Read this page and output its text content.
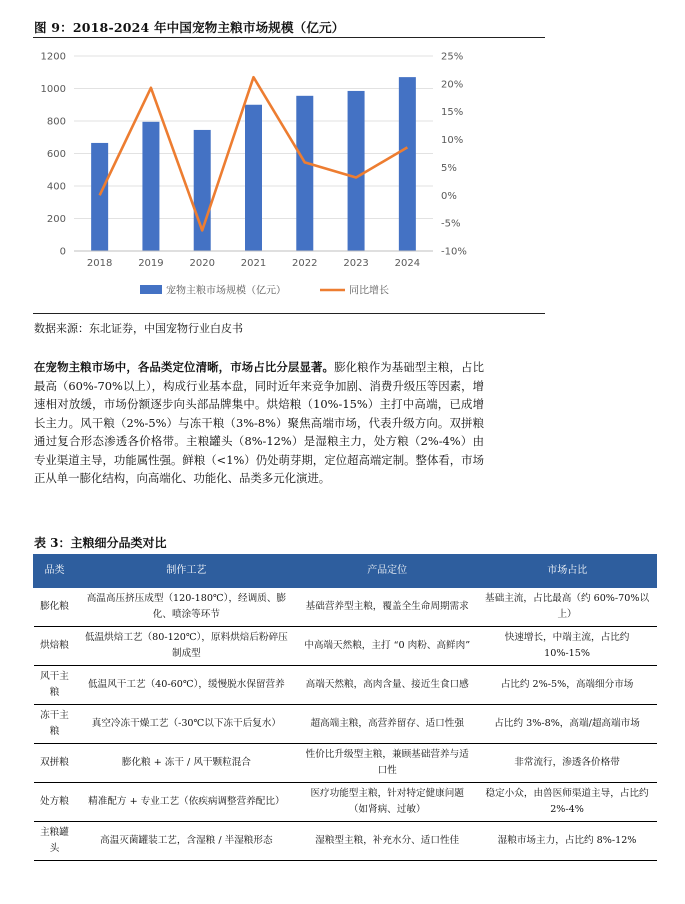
图 9：2018-2024 年中国宠物主粮市场规模（亿元）
0
200
400
600
800
1000
1200
-10%
-5%
0%
5%
10%
15%
20%
25%
2018	2019	2020	2021	2022	2023	2024
宠物主粮市场规模（亿元）	同比增长
数据来源：东北证券，中国宠物行业白皮书
在宠物主粮市场中，各品类定位清晰，市场占比分层显著。膨化粮作为基础型主粮，占比最高（60%-70%以上），构成行业基本盘，同时近年来竞争加剧、消费升级压等因素，增速相对放缓，市场份额逐步向头部品牌集中。烘焙粮（10%-15%）主打中高端，已成增长主力。风干粮（2%-5%）与冻干粮（3%-8%）聚焦高端市场，代表升级方向。双拼粮通过复合形态渗透各价格带。主粮罐头（8%-12%）是湿粮主力，处方粮（2%-4%）由专业渠道主导，功能属性强。鲜粮（<1%）仍处萌芽期，定位超高端定制。整体看，市场正从单一膨化结构，向高端化、功能化、品类多元化演进。
表 3：主粮细分品类对比
品类	制作工艺	产品定位	市场占比
膨化粮	高温高压挤压成型（120-180℃），经调质、膨化、喷涂等环节	基础营养型主粮，覆盖全生命周期需求	基础主流，占比最高（约 60%-70%以上）
烘焙粮	低温烘焙工艺（80-120℃），原料烘焙后粉碎压制成型	中高端天然粮，主打 “0 肉粉、高鲜肉”	快速增长，中端主流，占比约 10%-15%
风干主粮	低温风干工艺（40-60℃），缓慢脱水保留营养	高端天然粮，高肉含量、接近生食口感	占比约 2%-5%，高端细分市场
冻干主粮	真空冷冻干燥工艺（-30℃以下冻干后复水）	超高端主粮，高营养留存、适口性强	占比约 3%-8%，高端/超高端市场
双拼粮	膨化粮 + 冻干 / 风干颗粒混合	性价比升级型主粮，兼顾基础营养与适口性	非常流行，渗透各价格带
处方粮	精准配方 + 专业工艺（依疾病调整营养配比）	医疗功能型主粮，针对特定健康问题（如肾病、过敏）	稳定小众，由兽医师渠道主导，占比约 2%-4%
主粮罐头	高温灭菌罐装工艺，含湿粮 / 半湿粮形态	湿粮型主粮，补充水分、适口性佳	湿粮市场主力，占比约 8%-12%
